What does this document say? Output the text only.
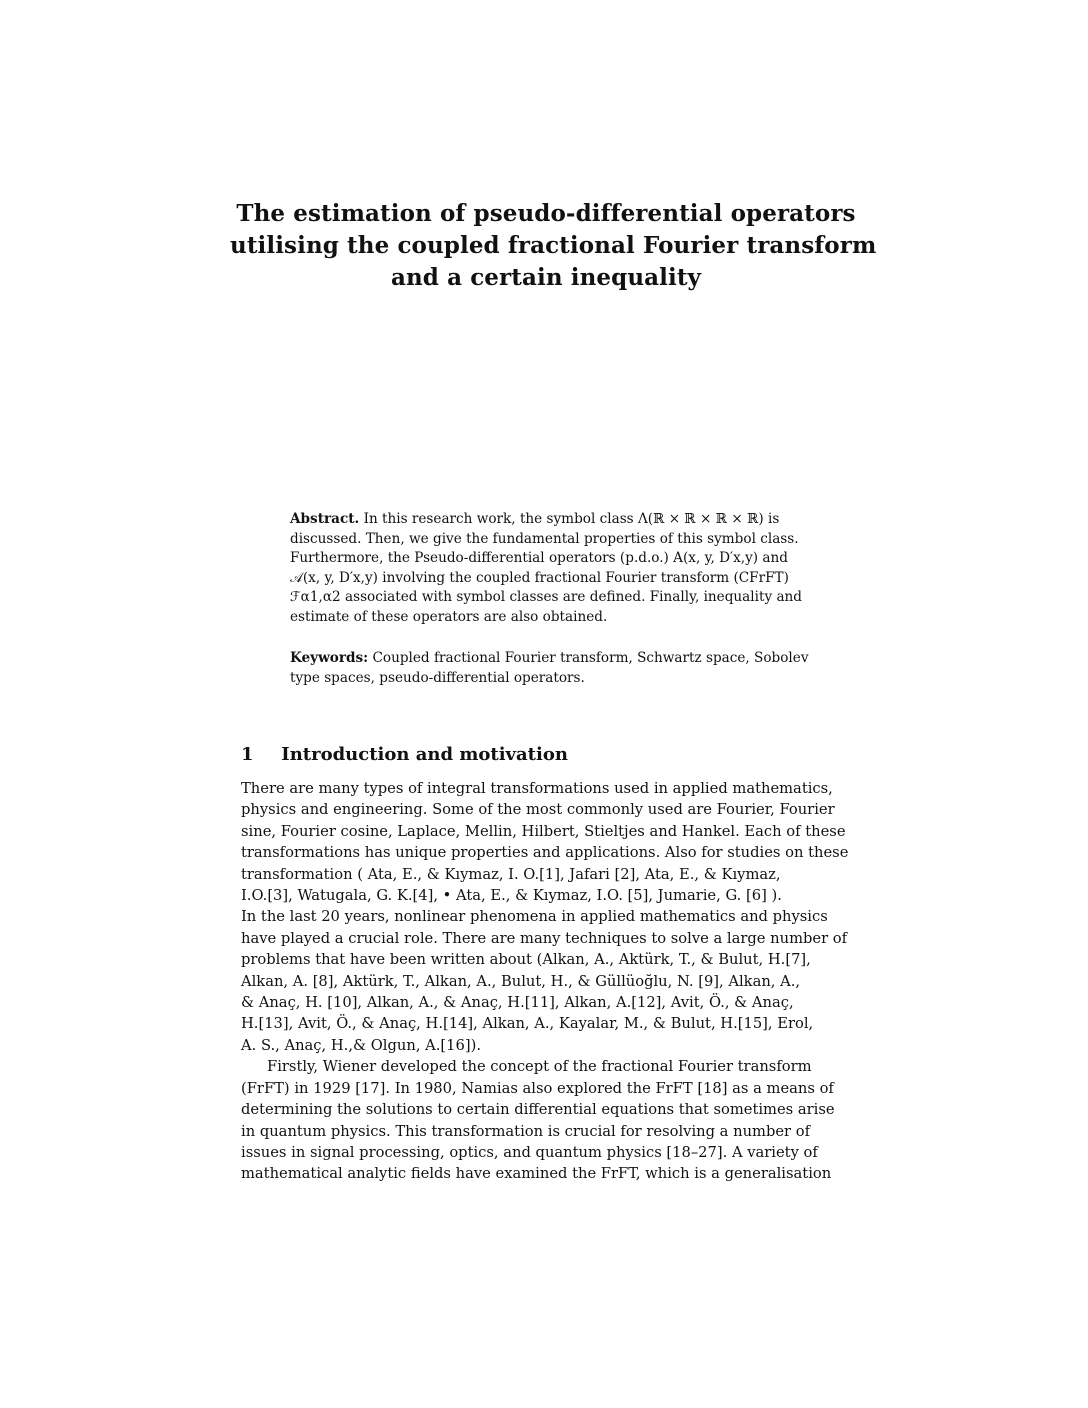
The estimation of pseudo-differential operators
utilising the coupled fractional Fourier transform
and a certain inequality
Abstract. In this research work, the symbol class Λ(ℝ × ℝ × ℝ × ℝ) is
discussed. Then, we give the fundamental properties of this symbol class.
Furthermore, the Pseudo-differential operators (p.d.o.) A(x, y, D′x,y) and
𝒜(x, y, D′x,y) involving the coupled fractional Fourier transform (CFrFT)
ℱα1,α2 associated with symbol classes are defined. Finally, inequality and
estimate of these operators are also obtained.
Keywords: Coupled fractional Fourier transform, Schwartz space, Sobolev
type spaces, pseudo-differential operators.
1 Introduction and motivation
There are many types of integral transformations used in applied mathematics,
physics and engineering. Some of the most commonly used are Fourier, Fourier
sine, Fourier cosine, Laplace, Mellin, Hilbert, Stieltjes and Hankel. Each of these
transformations has unique properties and applications. Also for studies on these
transformation ( Ata, E., & Kıymaz, I. O.[1], Jafari [2], Ata, E., & Kıymaz,
I.O.[3], Watugala, G. K.[4], • Ata, E., & Kıymaz, I.O. [5], Jumarie, G. [6] ).
In the last 20 years, nonlinear phenomena in applied mathematics and physics
have played a crucial role. There are many techniques to solve a large number of
problems that have been written about (Alkan, A., Aktürk, T., & Bulut, H.[7],
Alkan, A. [8], Aktürk, T., Alkan, A., Bulut, H., & Güllüoğlu, N. [9], Alkan, A.,
& Anaç, H. [10], Alkan, A., & Anaç, H.[11], Alkan, A.[12], Avit, Ö., & Anaç,
H.[13], Avit, Ö., & Anaç, H.[14], Alkan, A., Kayalar, M., & Bulut, H.[15], Erol,
A. S., Anaç, H.,& Olgun, A.[16]).
Firstly, Wiener developed the concept of the fractional Fourier transform
(FrFT) in 1929 [17]. In 1980, Namias also explored the FrFT [18] as a means of
determining the solutions to certain differential equations that sometimes arise
in quantum physics. This transformation is crucial for resolving a number of
issues in signal processing, optics, and quantum physics [18–27]. A variety of
mathematical analytic fields have examined the FrFT, which is a generalisation
